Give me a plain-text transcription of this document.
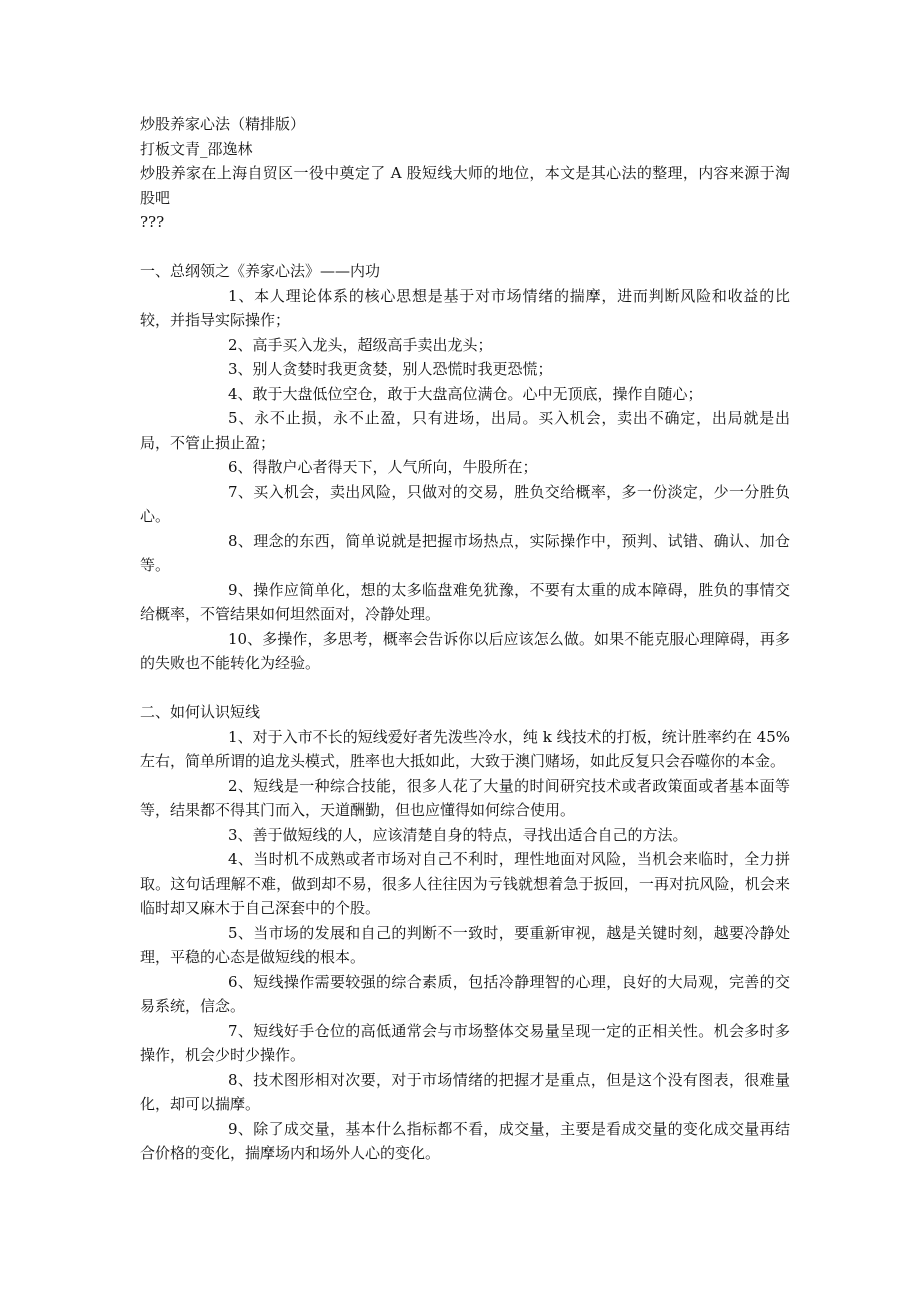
炒股养家心法（精排版）
打板文青_邵逸林
炒股养家在上海自贸区一役中奠定了 A 股短线大师的地位，本文是其心法的整理，内容来源于淘股吧
???
一、总纲领之《养家心法》——内功
1、本人理论体系的核心思想是基于对市场情绪的揣摩，进而判断风险和收益的比较，并指导实际操作；
2、高手买入龙头，超级高手卖出龙头；
3、别人贪婪时我更贪婪，别人恐慌时我更恐慌；
4、敢于大盘低位空仓，敢于大盘高位满仓。心中无顶底，操作自随心；
5、永不止损，永不止盈，只有进场，出局。买入机会，卖出不确定，出局就是出局，不管止损止盈；
6、得散户心者得天下，人气所向，牛股所在；
7、买入机会，卖出风险，只做对的交易，胜负交给概率，多一份淡定，少一分胜负心。
8、理念的东西，简单说就是把握市场热点，实际操作中，预判、试错、确认、加仓等。
9、操作应简单化，想的太多临盘难免犹豫，不要有太重的成本障碍，胜负的事情交给概率，不管结果如何坦然面对，冷静处理。
10、多操作，多思考，概率会告诉你以后应该怎么做。如果不能克服心理障碍，再多的失败也不能转化为经验。
二、如何认识短线
1、对于入市不长的短线爱好者先泼些冷水，纯 k 线技术的打板，统计胜率约在 45%左右，简单所谓的追龙头模式，胜率也大抵如此，大致于澳门赌场，如此反复只会吞噬你的本金。
2、短线是一种综合技能，很多人花了大量的时间研究技术或者政策面或者基本面等等，结果都不得其门而入，天道酬勤，但也应懂得如何综合使用。
3、善于做短线的人，应该清楚自身的特点，寻找出适合自己的方法。
4、当时机不成熟或者市场对自己不利时，理性地面对风险，当机会来临时，全力拼取。这句话理解不难，做到却不易，很多人往往因为亏钱就想着急于扳回，一再对抗风险，机会来临时却又麻木于自己深套中的个股。
5、当市场的发展和自己的判断不一致时，要重新审视，越是关键时刻，越要冷静处理，平稳的心态是做短线的根本。
6、短线操作需要较强的综合素质，包括冷静理智的心理，良好的大局观，完善的交易系统，信念。
7、短线好手仓位的高低通常会与市场整体交易量呈现一定的正相关性。机会多时多操作，机会少时少操作。
8、技术图形相对次要，对于市场情绪的把握才是重点，但是这个没有图表，很难量化，却可以揣摩。
9、除了成交量，基本什么指标都不看，成交量，主要是看成交量的变化成交量再结合价格的变化，揣摩场内和场外人心的变化。
